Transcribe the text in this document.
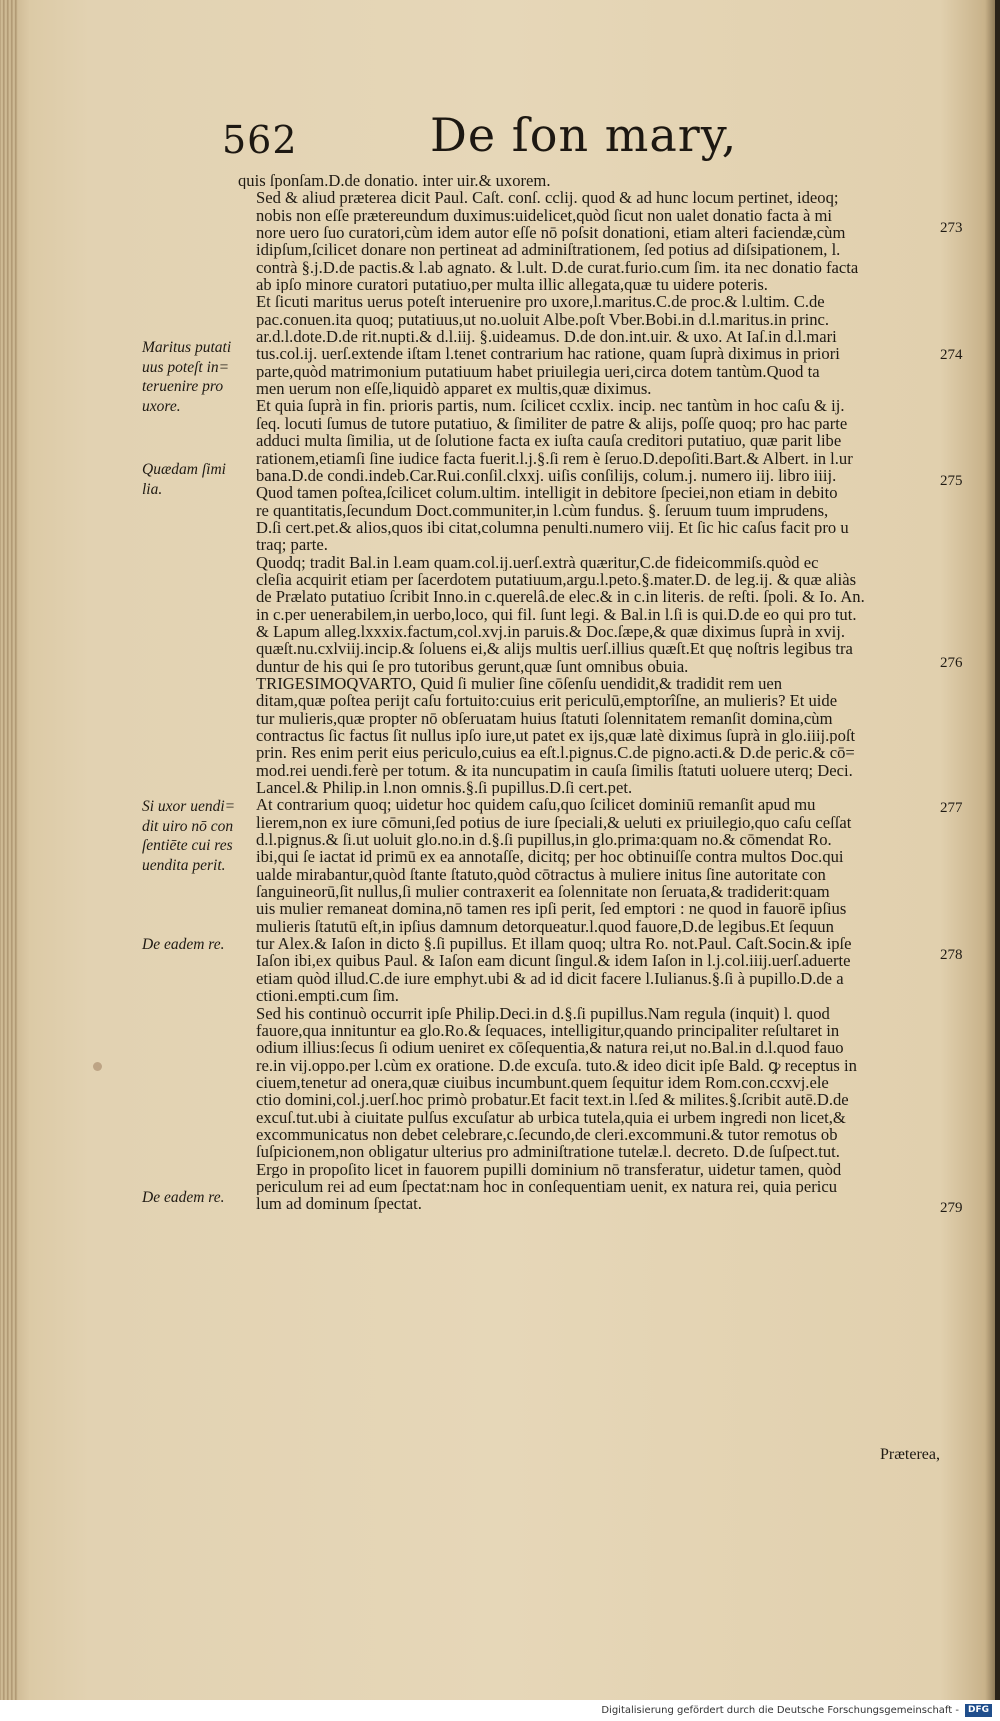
562	De ſon mary,
quis ſponſam.D.de donatio. inter uir.& uxorem.
Sed & aliud præterea dicit Paul. Caſt. conſ. cclij. quod & ad hunc locum pertinet, ideoq;
nobis non eſſe prætereundum duximus:uidelicet,quòd ſicut non ualet donatio facta à mi
nore uero ſuo curatori,cùm idem autor eſſe nō poſsit donationi, etiam alteri faciendæ,cùm
idipſum,ſcilicet donare non pertineat ad adminiſtrationem, ſed potius ad diſsipationem, l.
contrà §.j.D.de pactis.& l.ab agnato. & l.ult. D.de curat.furio.cum ſim. ita nec donatio facta
ab ipſo minore curatori putatiuo,per multa illic allegata,quæ tu uidere poteris.
Et ſicuti maritus uerus poteſt interuenire pro uxore,l.maritus.C.de proc.& l.ultim. C.de
pac.conuen.ita quoq; putatiuus,ut no.uoluit Albe.poſt Vber.Bobi.in d.l.maritus.in princ.
ar.d.l.dote.D.de rit.nupti.& d.l.iij. §.uideamus. D.de don.int.uir. & uxo. At Iaſ.in d.l.mari
tus.col.ij. uerſ.extende iſtam l.tenet contrarium hac ratione, quam ſuprà diximus in priori
parte,quòd matrimonium putatiuum habet priuilegia ueri,circa dotem tantùm.Quod ta
men uerum non eſſe,liquidò apparet ex multis,quæ diximus.
Et quia ſuprà in fin. prioris partis, num. ſcilicet ccxlix. incip. nec tantùm in hoc caſu & ij.
ſeq. locuti ſumus de tutore putatiuo, & ſimiliter de patre & alijs, poſſe quoq; pro hac parte
adduci multa ſimilia, ut de ſolutione facta ex iuſta cauſa creditori putatiuo, quæ parit libe
rationem,etiamſi ſine iudice facta fuerit.l.j.§.ſi rem è ſeruo.D.depoſiti.Bart.& Albert. in l.ur
bana.D.de condi.indeb.Car.Rui.conſil.clxxj. uiſis conſilijs, colum.j. numero iij. libro iiij.
Quod tamen poſtea,ſcilicet colum.ultim. intelligit in debitore ſpeciei,non etiam in debito
re quantitatis,ſecundum Doct.communiter,in l.cùm fundus. §. ſeruum tuum imprudens,
D.ſi cert.pet.& alios,quos ibi citat,columna penulti.numero viij. Et ſic hic caſus facit pro u
traq; parte.
Quodq; tradit Bal.in l.eam quam.col.ij.uerſ.extrà quæritur,C.de fideicommiſs.quòd ec
cleſia acquirit etiam per ſacerdotem putatiuum,argu.l.peto.§.mater.D. de leg.ij. & quæ aliàs
de Prælato putatiuo ſcribit Inno.in c.querelâ.de elec.& in c.in literis. de reſti. ſpoli. & Io. An.
in c.per uenerabilem,in uerbo,loco, qui fil. ſunt legi. & Bal.in l.ſi is qui.D.de eo qui pro tut.
& Lapum alleg.lxxxix.factum,col.xvj.in paruis.& Doc.ſæpe,& quæ diximus ſuprà in xvij.
quæſt.nu.cxlviij.incip.& ſoluens ei,& alijs multis uerſ.illius quæſt.Et quę noſtris legibus tra
duntur de his qui ſe pro tutoribus gerunt,quæ ſunt omnibus obuia.
TRIGESIMOQVARTO, Quid ſi mulier ſine cōſenſu uendidit,& tradidit rem uen
ditam,quæ poſtea perijt caſu fortuito:cuius erit periculū,emptorîſne, an mulieris? Et uide
tur mulieris,quæ propter nō obſeruatam huius ſtatuti ſolennitatem remanſit domina,cùm
contractus ſic factus ſit nullus ipſo iure,ut patet ex ijs,quæ latè diximus ſuprà in glo.iiij.poſt
prin. Res enim perit eius periculo,cuius ea eſt.l.pignus.C.de pigno.acti.& D.de peric.& cō=
mod.rei uendi.ferè per totum. & ita nuncupatim in cauſa ſimilis ſtatuti uoluere uterq; Deci.
Lancel.& Philip.in l.non omnis.§.ſi pupillus.D.ſi cert.pet.
At contrarium quoq; uidetur hoc quidem caſu,quo ſcilicet dominiū remanſit apud mu
lierem,non ex iure cōmuni,ſed potius de iure ſpeciali,& ueluti ex priuilegio,quo caſu ceſſat
d.l.pignus.& ſi.ut uoluit glo.no.in d.§.ſi pupillus,in glo.prima:quam no.& cōmendat Ro.
ibi,qui ſe iactat id primū ex ea annotaſſe, dicitq; per hoc obtinuiſſe contra multos Doc.qui
ualde mirabantur,quòd ſtante ſtatuto,quòd cōtractus à muliere initus ſine autoritate con
ſanguineorū,ſit nullus,ſi mulier contraxerit ea ſolennitate non ſeruata,& tradiderit:quam
uis mulier remaneat domina,nō tamen res ipſi perit, ſed emptori : ne quod in fauorē ipſius
mulieris ſtatutū eſt,in ipſius damnum detorqueatur.l.quod fauore,D.de legibus.Et ſequun
tur Alex.& Iaſon in dicto §.ſi pupillus. Et illam quoq; ultra Ro. not.Paul. Caſt.Socin.& ipſe
Iaſon ibi,ex quibus Paul. & Iaſon eam dicunt ſingul.& idem Iaſon in l.j.col.iiij.uerſ.aduerte
etiam quòd illud.C.de iure emphyt.ubi & ad id dicit facere l.Iulianus.§.ſi à pupillo.D.de a
ctioni.empti.cum ſim.
Sed his continuò occurrit ipſe Philip.Deci.in d.§.ſi pupillus.Nam regula (inquit) l. quod
fauore,qua innituntur ea glo.Ro.& ſequaces, intelligitur,quando principaliter reſultaret in
odium illius:ſecus ſi odium ueniret ex cōſequentia,& natura rei,ut no.Bal.in d.l.quod fauo
re.in vij.oppo.per l.cùm ex oratione. D.de excuſa. tuto.& ideo dicit ipſe Bald. ꝙ receptus in
ciuem,tenetur ad onera,quæ ciuibus incumbunt.quem ſequitur idem Rom.con.ccxvj.ele
ctio domini,col.j.uerſ.hoc primò probatur.Et facit text.in l.ſed & milites.§.ſcribit autē.D.de
excuſ.tut.ubi à ciuitate pulſus excuſatur ab urbica tutela,quia ei urbem ingredi non licet,&
excommunicatus non debet celebrare,c.ſecundo,de cleri.excommuni.& tutor remotus ob
ſuſpicionem,non obligatur ulterius pro adminiſtratione tutelæ.l. decreto. D.de ſuſpect.tut.
Ergo in propoſito licet in fauorem pupilli dominium nō transferatur, uidetur tamen, quòd
periculum rei ad eum ſpectat:nam hoc in conſequentiam uenit, ex natura rei, quia pericu
lum ad dominum ſpectat.
Maritus putati uus poteſt in= teruenire pro uxore.
Quædam ſimi lia.
Si uxor uendi= dit uiro nō con ſentiēte cui res uendita perit.
De eadem re.
De eadem re.
273
274
275
276
277
278
279
Præterea,
Digitalisierung gefördert durch die Deutsche Forschungsgemeinschaft - DFG
